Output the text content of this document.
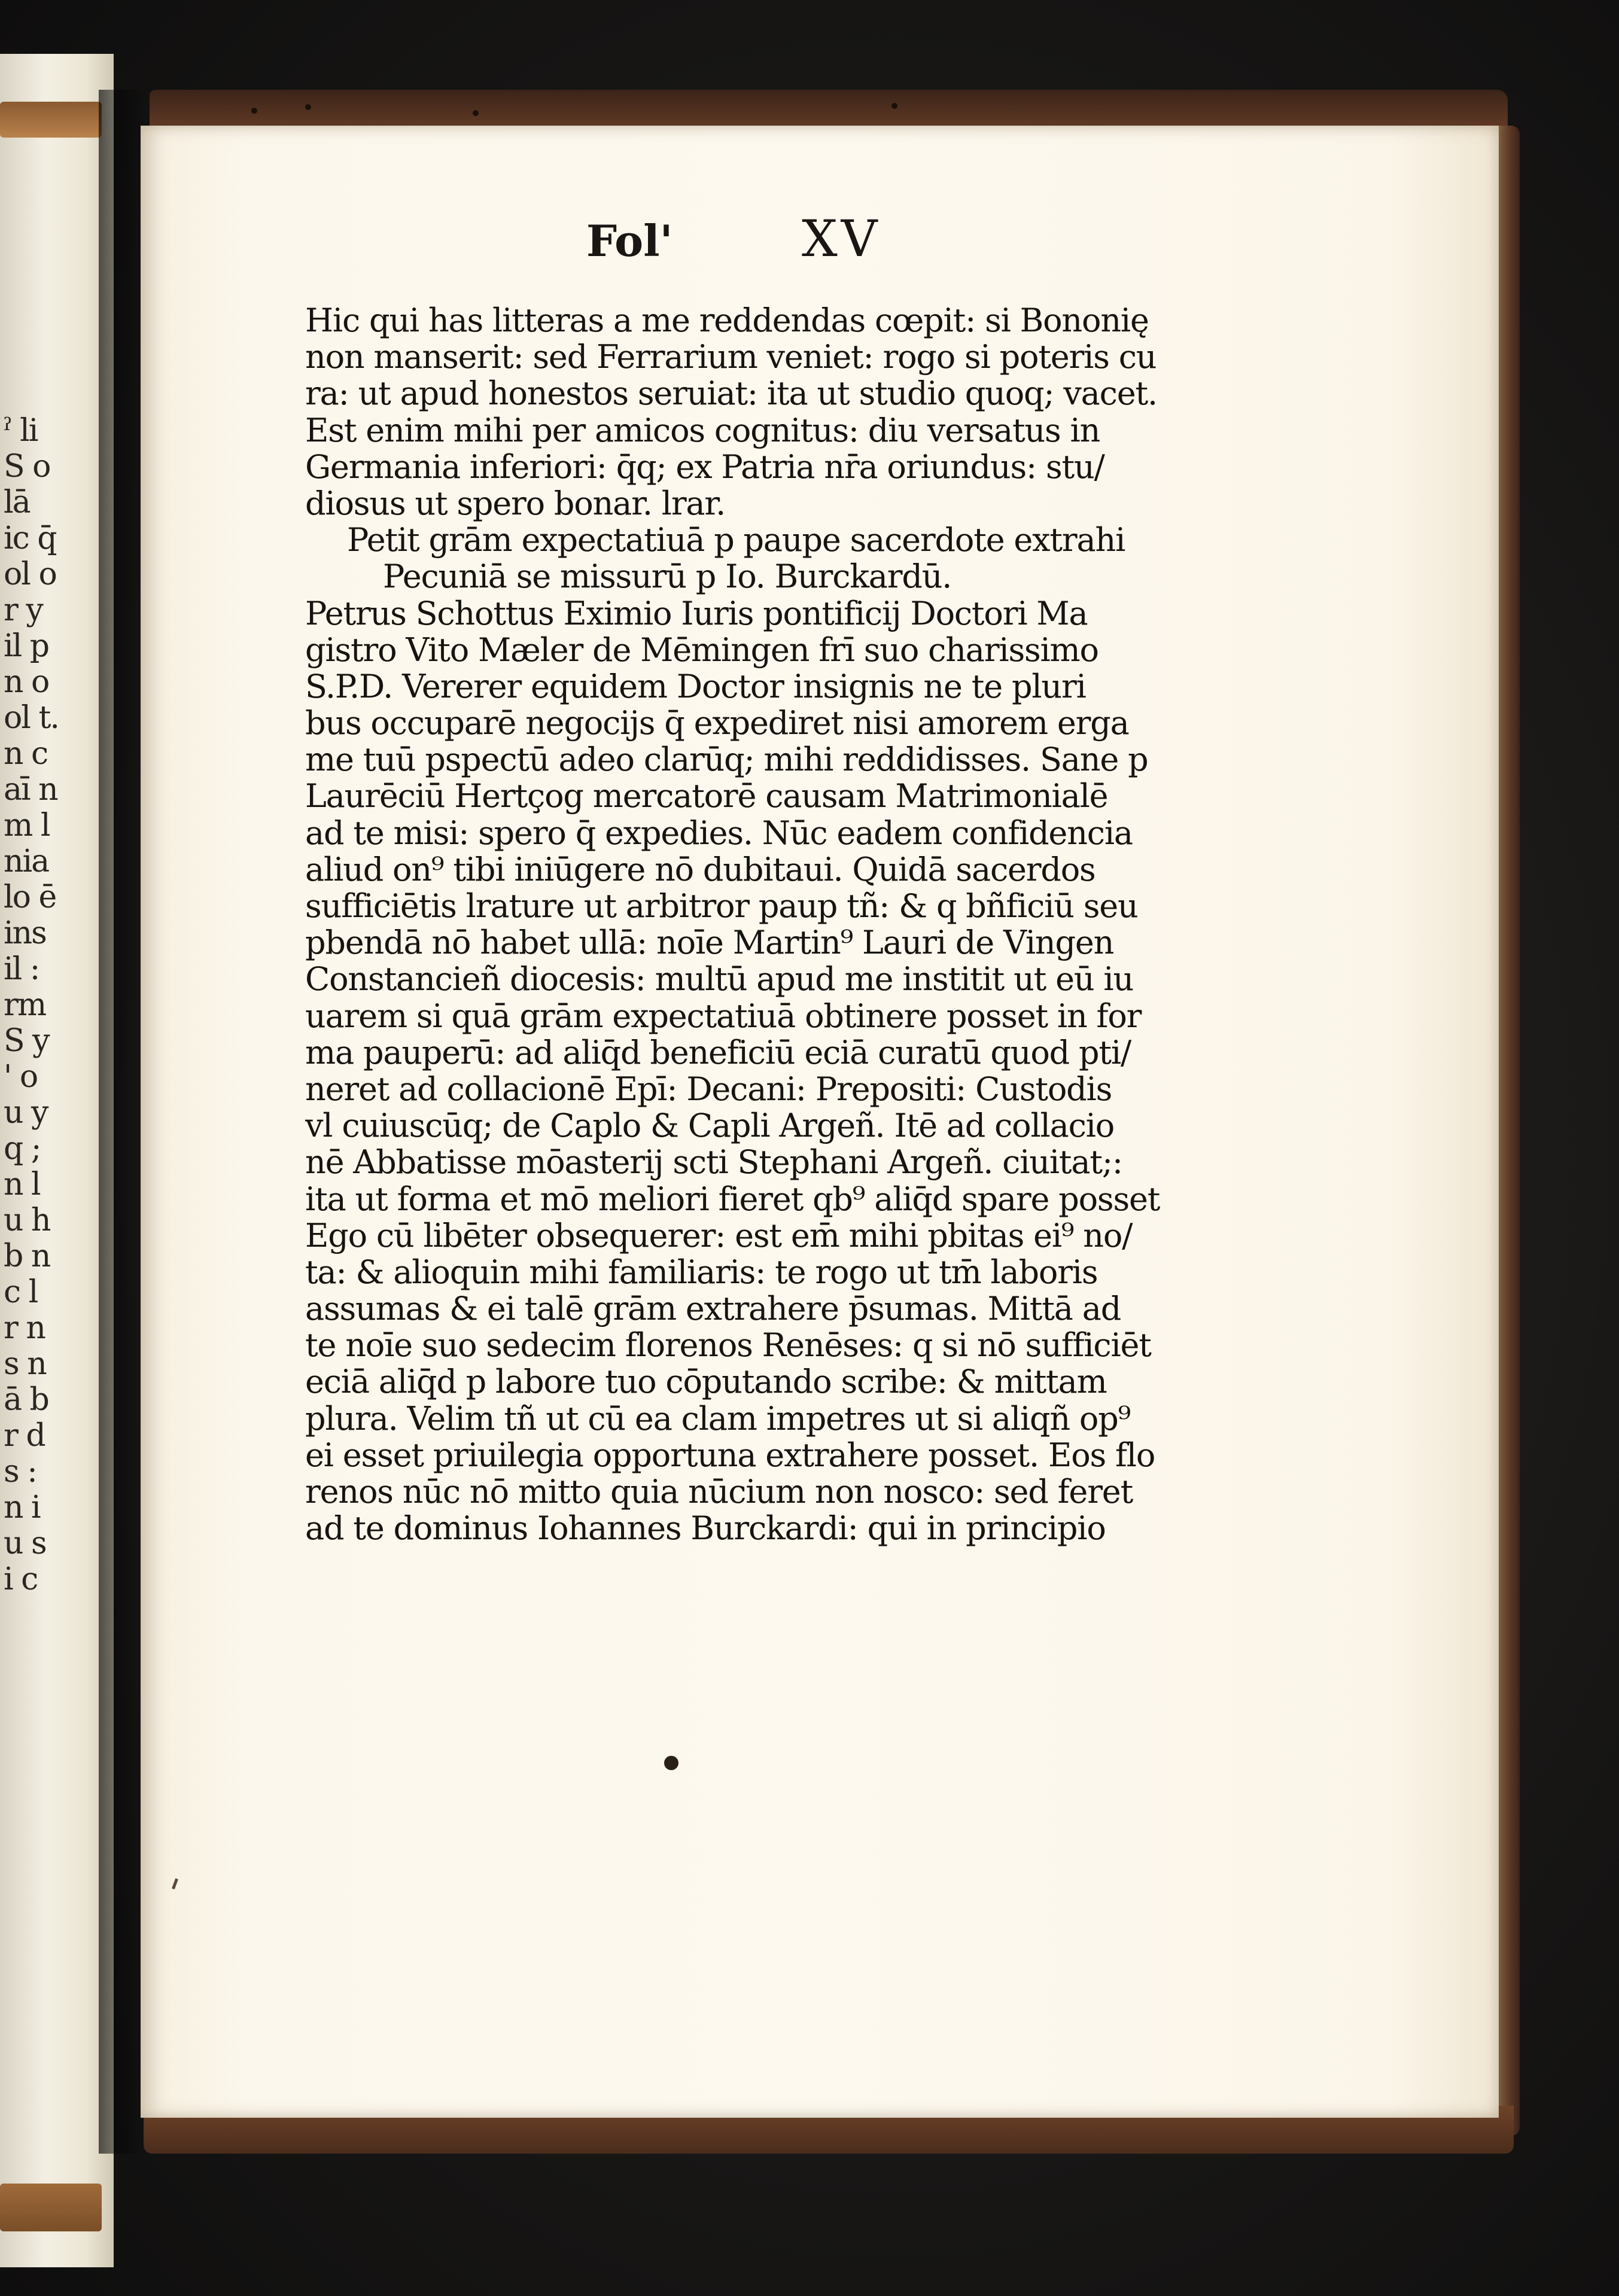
ˀ li
S o
lā
ic q̄
ol o
r y
il p
n o
ol t.
n c
aī n
m l
nia
lo ē
ins
il :
rm
S y
' o
u y
q ;
n l
u h
b n
c l
r n
s n
ā b
r d
s :
n i
u s
i c
Fol'	XV
Hic qui has litteras a me reddendas cœpit: si Bononię
non manserit: sed Ferrarium veniet: rogo si poteris cu
ra: ut apud honestos seruiat: ita ut studio quoq; vacet.
Est enim mihi per amicos cognitus: diu versatus in
Germania inferiori: q̄q; ex Patria nr̄a oriundus: stu/
diosus ut spero bonar. lrar.
Petit grām expectatiuā p paupe sacerdote extrahi
Pecuniā se missurū p Io. Burckardū.
Petrus Schottus Eximio Iuris pontificij Doctori Ma
gistro Vito Mæler de Mēmingen frī suo charissimo
S.P.D. Vererer equidem Doctor insignis ne te pluri
bus occuparē negocijs q̄ expediret nisi amorem erga
me tuū pspectū adeo clarūq; mihi reddidisses. Sane p
Laurēciū Hertçog mercatorē causam Matrimonialē
ad te misi: spero q̄ expedies. Nūc eadem confidencia
aliud on⁹ tibi iniūgere nō dubitaui. Quidā sacerdos
sufficiētis lrature ut arbitror paup tñ: & q bñficiū seu
pbendā nō habet ullā: noīe Martin⁹ Lauri de Vingen
Constancieñ diocesis: multū apud me institit ut eū iu
uarem si quā grām expectatiuā obtinere posset in for
ma pauperū: ad aliq̄d beneficiū eciā curatū quod pti/
neret ad collacionē Epī: Decani: Prepositi: Custodis
vl cuiuscūq; de Caplo & Capli Argeñ. Itē ad collacio
nē Abbatisse mōasterij scti Stephani Argeñ. ciuitat;:
ita ut forma et mō meliori fieret qb⁹ aliq̄d spare posset
Ego cū libēter obsequerer: est em̄ mihi pbitas ei⁹ no/
ta: & alioquin mihi familiaris: te rogo ut tm̄ laboris
assumas & ei talē grām extrahere p̄sumas. Mittā ad
te noīe suo sedecim florenos Renēses: q si nō sufficiēt
eciā aliq̄d p labore tuo cōputando scribe: & mittam
plura. Velim tñ ut cū ea clam impetres ut si aliqñ op⁹
ei esset priuilegia opportuna extrahere posset. Eos flo
renos nūc nō mitto quia nūcium non nosco: sed feret
ad te dominus Iohannes Burckardi: qui in principio
